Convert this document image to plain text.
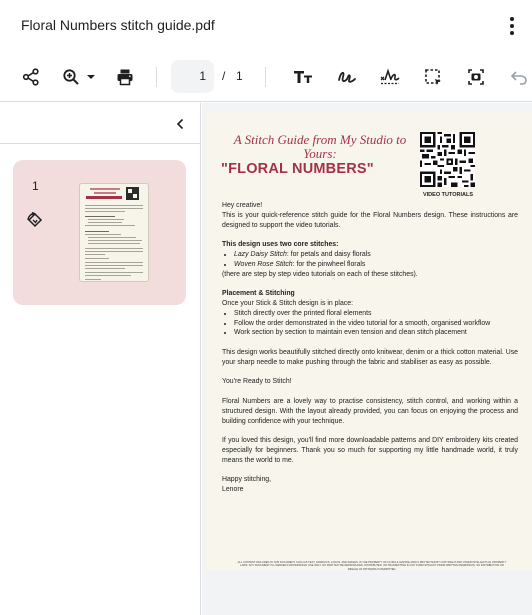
Floral Numbers stitch guide.pdf
1 / 1
1
A Stitch Guide from My Studio to Yours:
"FLORAL NUMBERS"
VIDEO TUTORIALS
Hey creative!
This is your quick-reference stitch guide for the Floral Numbers design. These instructions are designed to support the video tutorials.
This design uses two core stitches:
• Lazy Daisy Stitch: for petals and daisy florals
• Woven Rose Stitch: for the pinwheel florals
(there are step by step video tutorials on each of these stitches).
Placement & Stitching
Once your Stick & Stitch design is in place:
• Stitch directly over the printed floral elements
• Follow the order demonstrated in the video tutorial for a smooth, organised workflow
• Work section by section to maintain even tension and clean stitch placement
This design works beautifully stitched directly onto knitwear, denim or a thick cotton material. Use your sharp needle to make pushing through the fabric and stabiliser as easy as possible.
You're Ready to Stitch!
Floral Numbers are a lovely way to practise consistency, stitch control, and working within a structured design. With the layout already provided, you can focus on enjoying the process and building confidence with your technique.
If you loved this design, you'll find more downloadable patterns and DIY embroidery kits created especially for beginners. Thank you so much for supporting my little handmade world, it truly means the world to me.
Happy stitching,
Lenore
ALL CONTENT INCLUDED IN THIS DOCUMENT, SUCH AS TEXT, GRAPHICS, LOGOS, AND IMAGES, IS THE PROPERTY OF FLORA & LENORE AND IS PROTECTED BY COPYRIGHT AND OTHER INTELLECTUAL PROPERTY LAWS. ANY DOCUMENT IS LICENSED FOR PERSONAL USE ONLY. NO PART MAY BE REPRODUCED, DISTRIBUTED, OR TRANSMITTED IN ANY FORM WITHOUT PRIOR WRITTEN PERMISSION. NO DISTRIBUTION OR RESALE OF PATTERNS IS PERMITTED.
